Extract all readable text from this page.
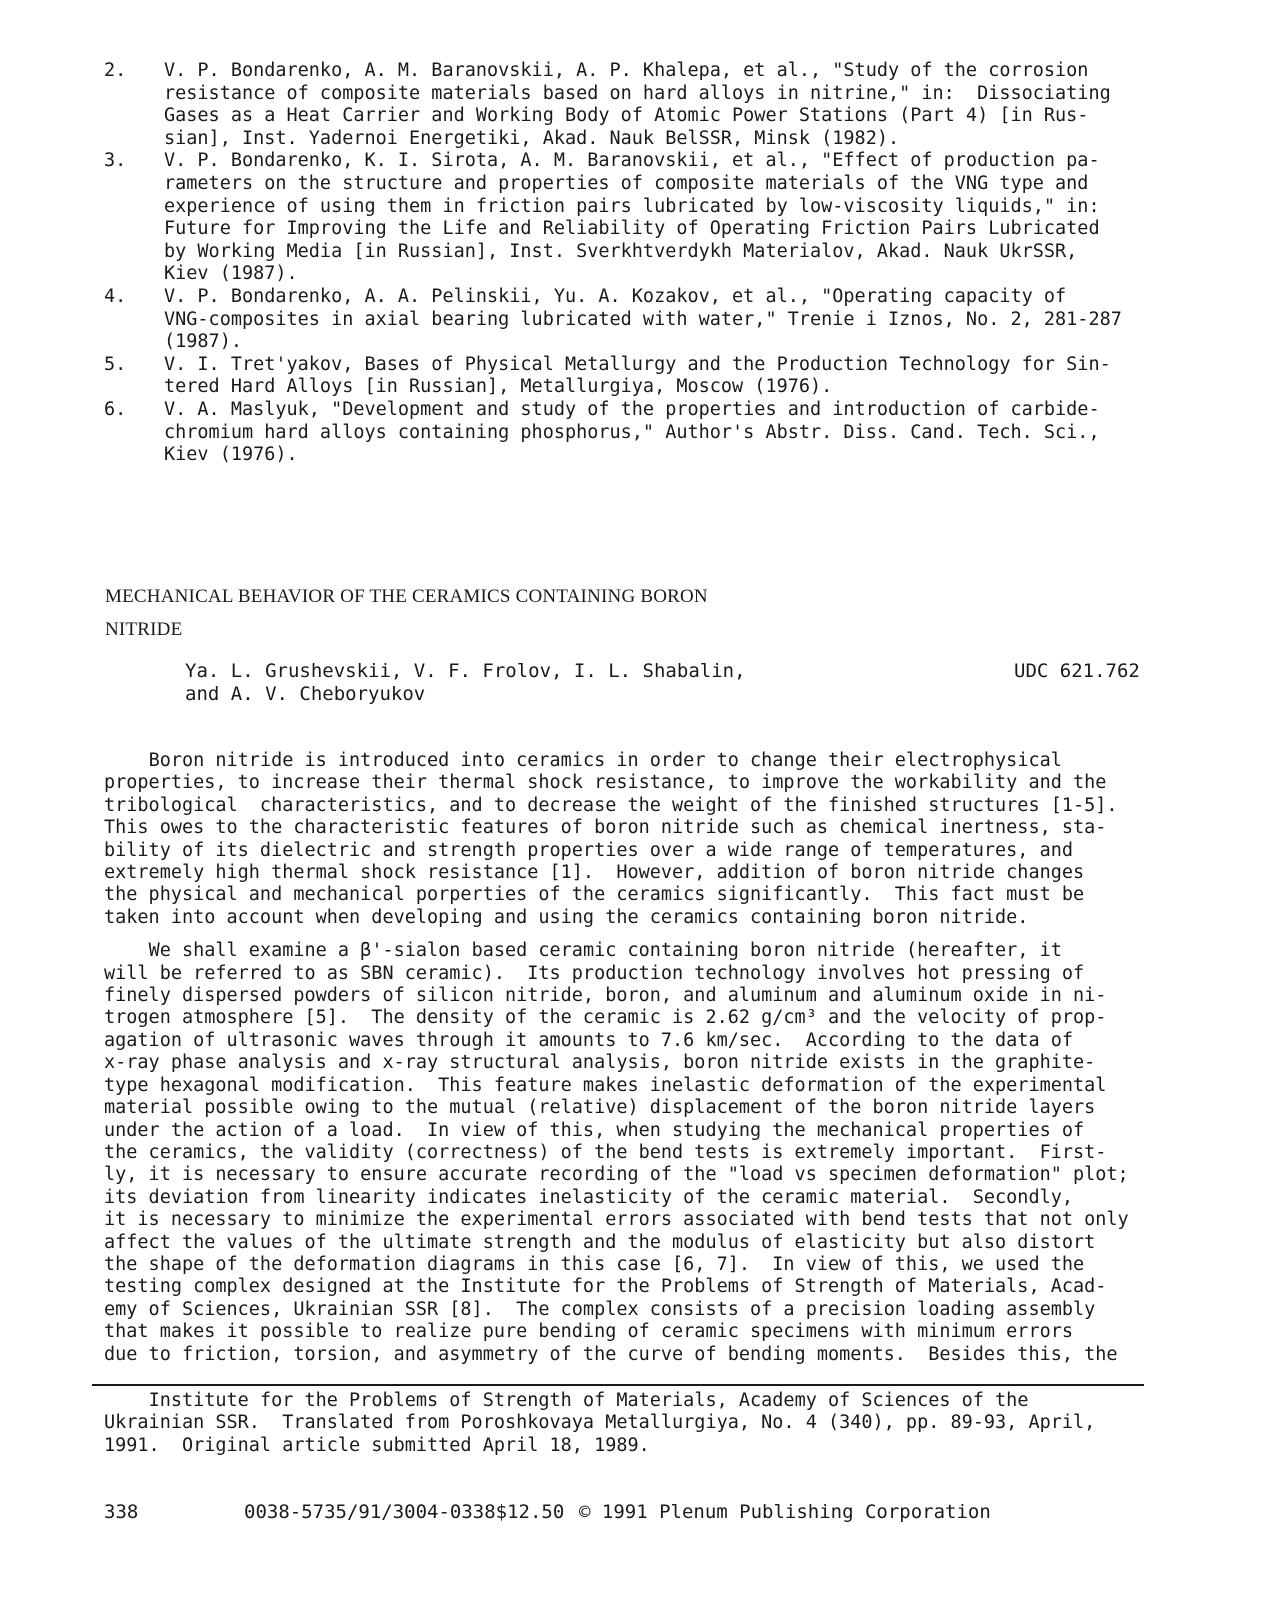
2.	V. P. Bondarenko, A. M. Baranovskii, A. P. Khalepa, et al., "Study of the corrosion
resistance of composite materials based on hard alloys in nitrine," in:  Dissociating
Gases as a Heat Carrier and Working Body of Atomic Power Stations (Part 4) [in Rus-
sian], Inst. Yadernoi Energetiki, Akad. Nauk BelSSR, Minsk (1982).
3.	V. P. Bondarenko, K. I. Sirota, A. M. Baranovskii, et al., "Effect of production pa-
rameters on the structure and properties of composite materials of the VNG type and
experience of using them in friction pairs lubricated by low-viscosity liquids," in:
Future for Improving the Life and Reliability of Operating Friction Pairs Lubricated
by Working Media [in Russian], Inst. Sverkhtverdykh Materialov, Akad. Nauk UkrSSR,
Kiev (1987).
4.	V. P. Bondarenko, A. A. Pelinskii, Yu. A. Kozakov, et al., "Operating capacity of
VNG-composites in axial bearing lubricated with water," Trenie i Iznos, No. 2, 281-287
(1987).
5.	V. I. Tret'yakov, Bases of Physical Metallurgy and the Production Technology for Sin-
tered Hard Alloys [in Russian], Metallurgiya, Moscow (1976).
6.	V. A. Maslyuk, "Development and study of the properties and introduction of carbide-
chromium hard alloys containing phosphorus," Author's Abstr. Diss. Cand. Tech. Sci.,
Kiev (1976).
MECHANICAL BEHAVIOR OF THE CERAMICS CONTAINING BORON
NITRIDE
Ya. L. Grushevskii, V. F. Frolov, I. L. Shabalin,
and A. V. Cheboryukov
UDC 621.762

Boron nitride is introduced into ceramics in order to change their electrophysical
properties, to increase their thermal shock resistance, to improve the workability and the
tribological  characteristics, and to decrease the weight of the finished structures [1-5].
This owes to the characteristic features of boron nitride such as chemical inertness, sta-
bility of its dielectric and strength properties over a wide range of temperatures, and
extremely high thermal shock resistance [1].  However, addition of boron nitride changes
the physical and mechanical porperties of the ceramics significantly.  This fact must be
taken into account when developing and using the ceramics containing boron nitride.

We shall examine a β'-sialon based ceramic containing boron nitride (hereafter, it
will be referred to as SBN ceramic).  Its production technology involves hot pressing of
finely dispersed powders of silicon nitride, boron, and aluminum and aluminum oxide in ni-
trogen atmosphere [5].  The density of the ceramic is 2.62 g/cm³ and the velocity of prop-
agation of ultrasonic waves through it amounts to 7.6 km/sec.  According to the data of
x-ray phase analysis and x-ray structural analysis, boron nitride exists in the graphite-
type hexagonal modification.  This feature makes inelastic deformation of the experimental
material possible owing to the mutual (relative) displacement of the boron nitride layers
under the action of a load.  In view of this, when studying the mechanical properties of
the ceramics, the validity (correctness) of the bend tests is extremely important.  First-
ly, it is necessary to ensure accurate recording of the "load vs specimen deformation" plot;
its deviation from linearity indicates inelasticity of the ceramic material.  Secondly,
it is necessary to minimize the experimental errors associated with bend tests that not only
affect the values of the ultimate strength and the modulus of elasticity but also distort
the shape of the deformation diagrams in this case [6, 7].  In view of this, we used the
testing complex designed at the Institute for the Problems of Strength of Materials, Acad-
emy of Sciences, Ukrainian SSR [8].  The complex consists of a precision loading assembly
that makes it possible to realize pure bending of ceramic specimens with minimum errors
due to friction, torsion, and asymmetry of the curve of bending moments.  Besides this, the

Institute for the Problems of Strength of Materials, Academy of Sciences of the
Ukrainian SSR.  Translated from Poroshkovaya Metallurgiya, No. 4 (340), pp. 89-93, April,
1991.  Original article submitted April 18, 1989.
338	0038-5735/91/3004-0338$12.50 © 1991 Plenum Publishing Corporation
